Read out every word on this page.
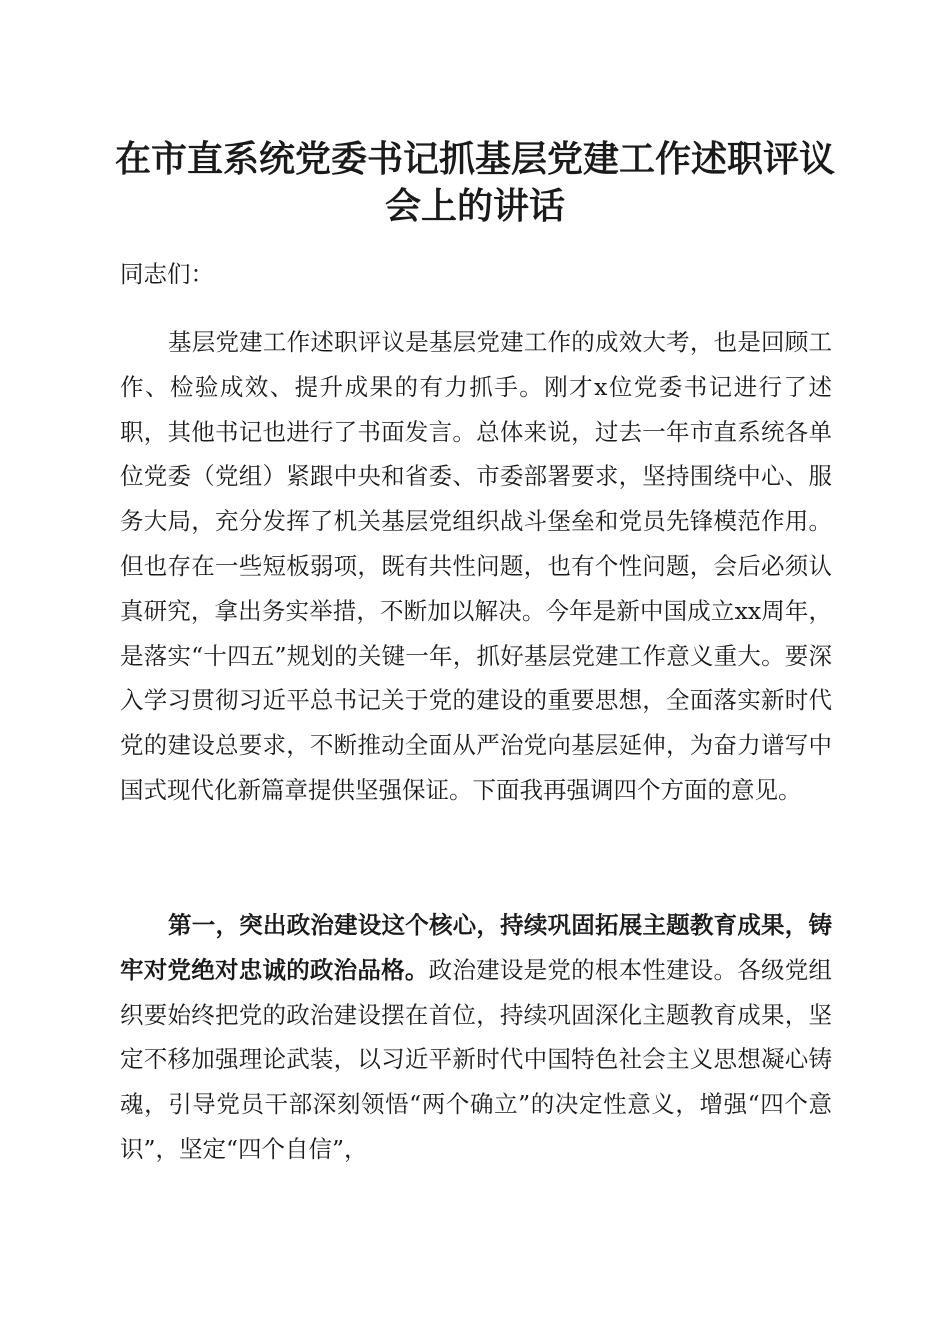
在市直系统党委书记抓基层党建工作述职评议
会上的讲话

同志们：

基层党建工作述职评议是基层党建工作的成效大考，也是回顾工作、检验成效、提升成果的有力抓手。刚才x位党委书记进行了述职，其他书记也进行了书面发言。总体来说，过去一年市直系统各单位党委（党组）紧跟中央和省委、市委部署要求，坚持围绕中心、服务大局，充分发挥了机关基层党组织战斗堡垒和党员先锋模范作用。但也存在一些短板弱项，既有共性问题，也有个性问题，会后必须认真研究，拿出务实举措，不断加以解决。今年是新中国成立xx周年，是落实“十四五”规划的关键一年，抓好基层党建工作意义重大。要深入学习贯彻习近平总书记关于党的建设的重要思想，全面落实新时代党的建设总要求，不断推动全面从严治党向基层延伸，为奋力谱写中国式现代化新篇章提供坚强保证。下面我再强调四个方面的意见。

第一，突出政治建设这个核心，持续巩固拓展主题教育成果，铸牢对党绝对忠诚的政治品格。政治建设是党的根本性建设。各级党组织要始终把党的政治建设摆在首位，持续巩固深化主题教育成果，坚定不移加强理论武装，以习近平新时代中国特色社会主义思想凝心铸魂，引导党员干部深刻领悟“两个确立”的决定性意义，增强“四个意识”，坚定“四个自信”，
